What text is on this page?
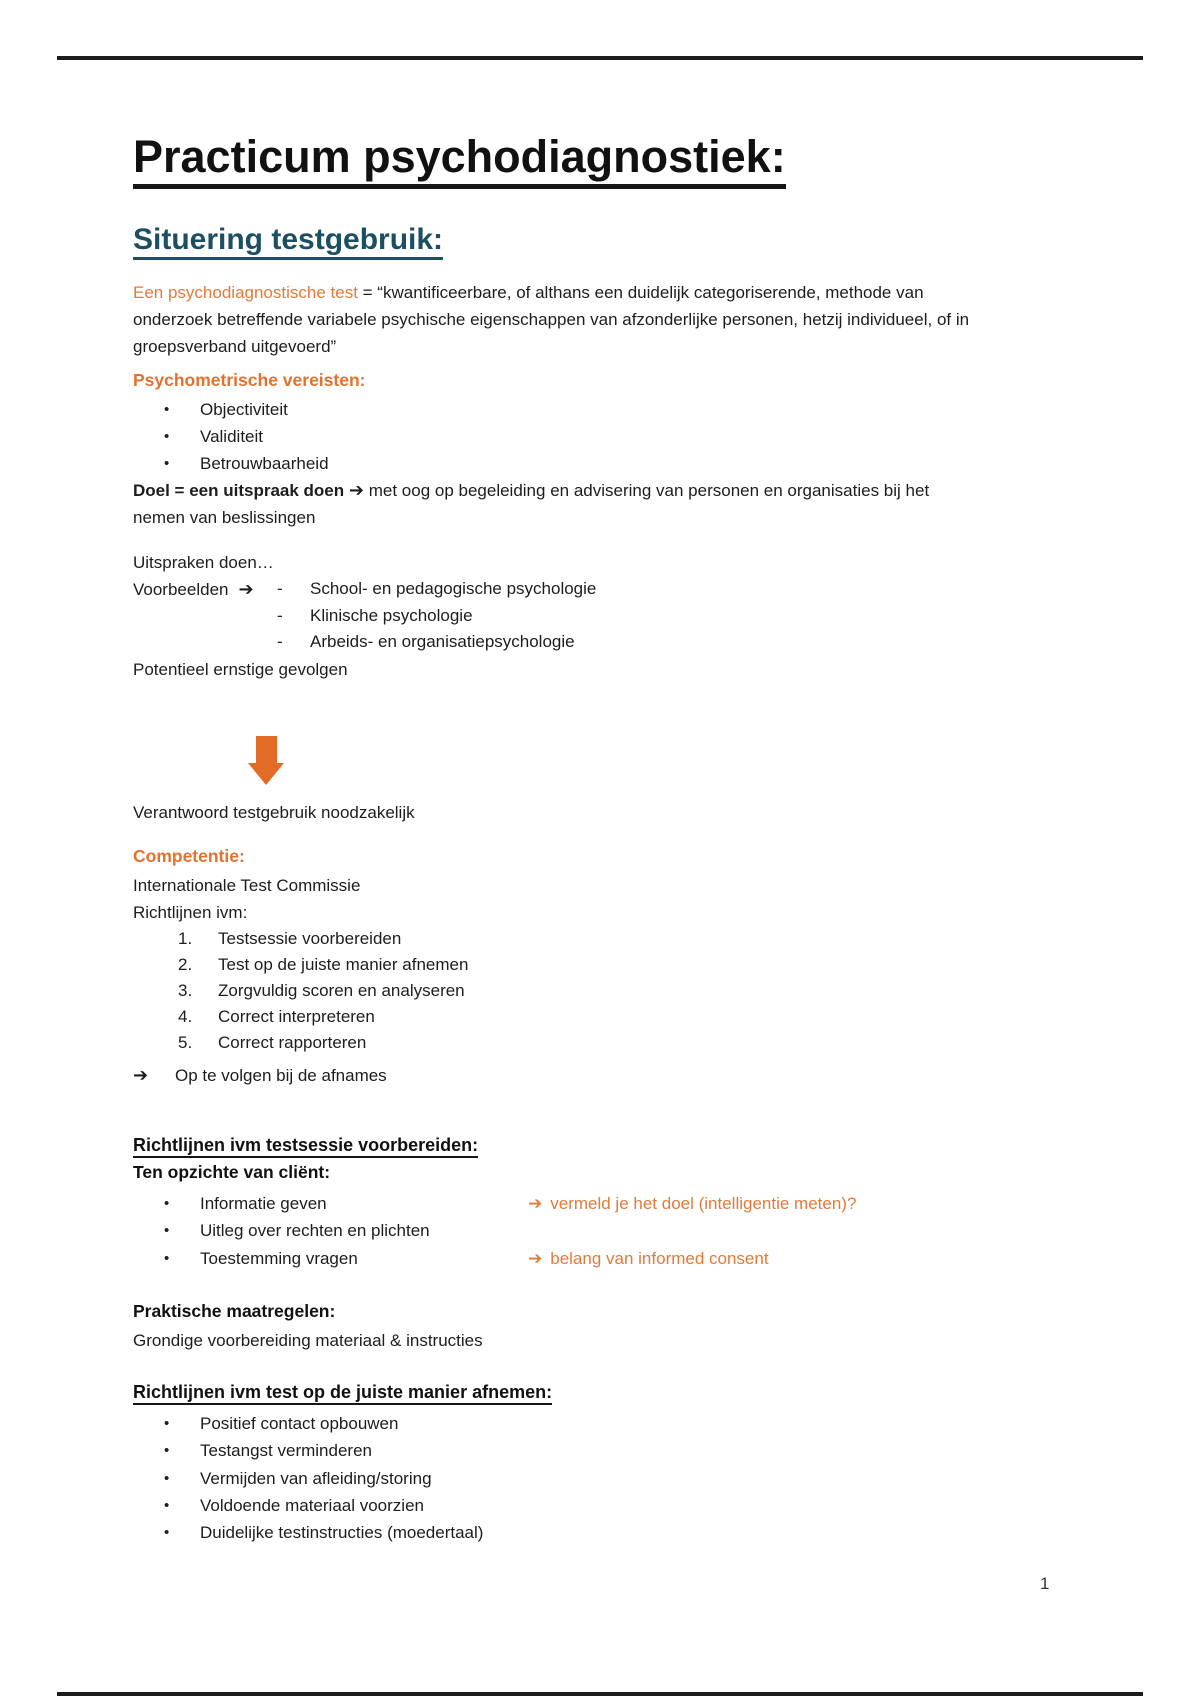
Practicum psychodiagnostiek:
Situering testgebruik:

Een psychodiagnostische test = “kwantificeerbare, of althans een duidelijk categoriserende, methode van onderzoek betreffende variabele psychische eigenschappen van afzonderlijke personen, hetzij individueel, of in groepsverband uitgevoerd”

Psychometrische vereisten:
• Objectiviteit
• Validiteit
• Betrouwbaarheid

Doel = een uitspraak doen ➔ met oog op begeleiding en advisering van personen en organisaties bij het nemen van beslissingen

Uitspraken doen…

Voorbeelden ➔ - School- en pedagogische psychologie
- Klinische psychologie
- Arbeids- en organisatiepsychologie

Potentieel ernstige gevolgen

Verantwoord testgebruik noodzakelijk

Competentie:

Internationale Test Commissie

Richtlijnen ivm:

1. Testsessie voorbereiden
2. Test op de juiste manier afnemen
3. Zorgvuldig scoren en analyseren
4. Correct interpreteren
5. Correct rapporteren
➔ Op te volgen bij de afnames
Richtlijnen ivm testsessie voorbereiden:
Ten opzichte van cliënt:
• Informatie geven	➔ vermeld je het doel (intelligentie meten)?
• Uitleg over rechten en plichten
• Toestemming vragen	➔ belang van informed consent
Praktische maatregelen:

Grondige voorbereiding materiaal & instructies

Richtlijnen ivm test op de juiste manier afnemen:
• Positief contact opbouwen
• Testangst verminderen
• Vermijden van afleiding/storing
• Voldoende materiaal voorzien
• Duidelijke testinstructies (moedertaal)
1
